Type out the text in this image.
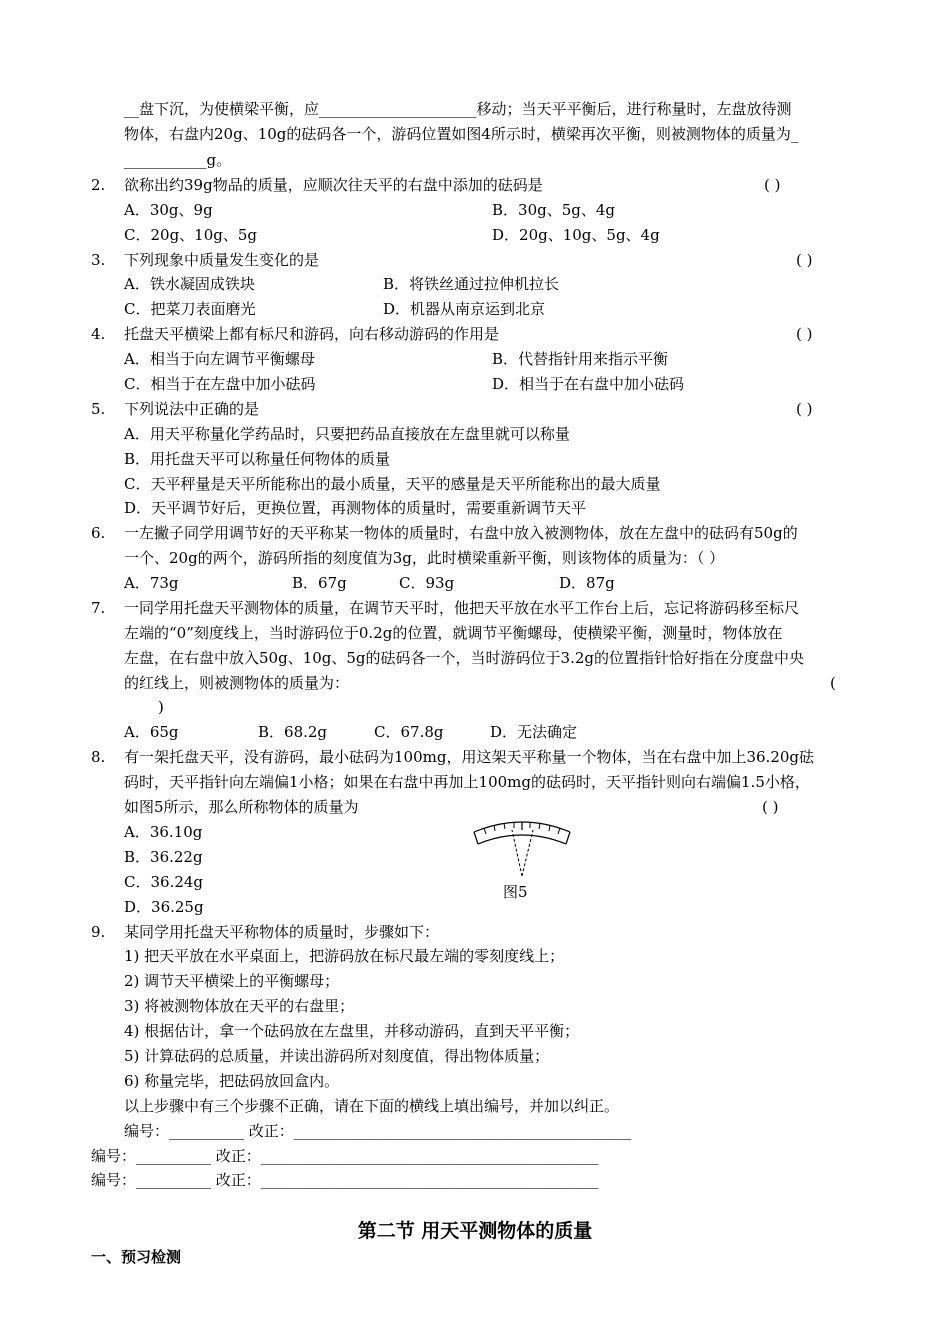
__盘下沉，为使横梁平衡，应_____________________移动；当天平平衡后，进行称量时，左盘放待测
物体，右盘内20g、10g的砝码各一个，游码位置如图4所示时，横梁再次平衡，则被测物体的质量为_
___________g。
2. 欲称出约39g物品的质量，应顺次往天平的右盘中添加的砝码是	( )
A．30g、9g	B．30g、5g、4g
C．20g、10g、5g	D．20g、10g、5g、4g
3. 下列现象中质量发生变化的是	( )
A．铁水凝固成铁块	B．将铁丝通过拉伸机拉长
C．把菜刀表面磨光	D．机器从南京运到北京
4. 托盘天平横梁上都有标尺和游码，向右移动游码的作用是	( )
A．相当于向左调节平衡螺母	B．代替指针用来指示平衡
C．相当于在左盘中加小砝码	D．相当于在右盘中加小砝码
5. 下列说法中正确的是	( )
A．用天平称量化学药品时，只要把药品直接放在左盘里就可以称量
B．用托盘天平可以称量任何物体的质量
C．天平秤量是天平所能称出的最小质量，天平的感量是天平所能称出的最大质量
D．天平调节好后，更换位置，再测物体的质量时，需要重新调节天平
6. 一左撇子同学用调节好的天平称某一物体的质量时，右盘中放入被测物体，放在左盘中的砝码有50g的
一个、20g的两个，游码所指的刻度值为3g，此时横梁重新平衡，则该物体的质量为：（ ）
A．73g	B．67g	C．93g	D．87g
7. 一同学用托盘天平测物体的质量，在调节天平时，他把天平放在水平工作台上后，忘记将游码移至标尺
左端的“0”刻度线上，当时游码位于0.2g的位置，就调节平衡螺母，使横梁平衡，测量时，物体放在
左盘，在右盘中放入50g、10g、5g的砝码各一个，当时游码位于3.2g的位置指针恰好指在分度盘中央
的红线上，则被测物体的质量为：	(
)
A．65g	B．68.2g	C．67.8g	D．无法确定
8. 有一架托盘天平，没有游码，最小砝码为100mg，用这架天平称量一个物体，当在右盘中加上36.20g砝
码时，天平指针向左端偏1小格；如果在右盘中再加上100mg的砝码时，天平指针则向右端偏1.5小格，
如图5所示，那么所称物体的质量为	( )
A．36.10g
B．36.22g
C．36.24g
D．36.25g
图5
9. 某同学用托盘天平称物体的质量时，步骤如下：
1) 把天平放在水平桌面上，把游码放在标尺最左端的零刻度线上；
2) 调节天平横梁上的平衡螺母；
3) 将被测物体放在天平的右盘里；
4) 根据估计，拿一个砝码放在左盘里，并移动游码，直到天平平衡；
5) 计算砝码的总质量，并读出游码所对刻度值，得出物体质量；
6) 称量完毕，把砝码放回盒内。
以上步骤中有三个步骤不正确，请在下面的横线上填出编号，并加以纠正。
编号：__________ 改正：_____________________________________________
编号：__________ 改正：_____________________________________________
编号：__________ 改正：_____________________________________________
第二节 用天平测物体的质量
一、预习检测
